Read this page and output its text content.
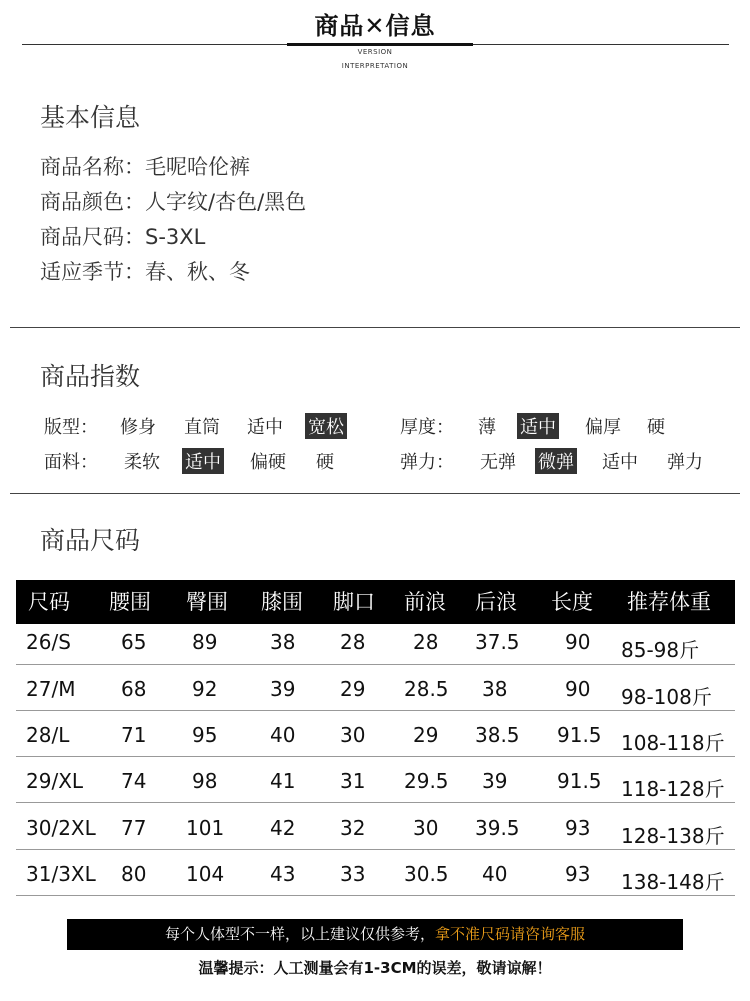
商品✕信息
VERSION
INTERPRETATION
基本信息
商品名称：毛呢哈伦裤
商品颜色：人字纹/杏色/黑色
商品尺码：S-3XL
适应季节：春、秋、冬
商品指数
版型： 修身 直筒 适中 宽松	厚度： 薄 适中 偏厚 硬
面料： 柔软 适中 偏硬 硬	弹力： 无弹 微弹 适中 弹力
商品尺码
尺码 腰围 臀围 膝围 脚口 前浪 后浪 长度 推荐体重
26/S	65 89	38 28 28 37.5 90 85-98斤
27/M 68 92	39 29 28.5 38	90 98-108斤
28/L	71 95	40 30 29 38.5 91.5 108-118斤
29/XL 74 98	41 31 29.5 39 91.5 118-128斤
30/2XL 77 101 42 32 30 39.5 93 128-138斤
31/3XL 80 104 43 33 30.5 40	93 138-148斤
每个人体型不一样，以上建议仅供参考，拿不准尺码请咨询客服
温馨提示：人工测量会有1-3CM的误差，敬请谅解！
